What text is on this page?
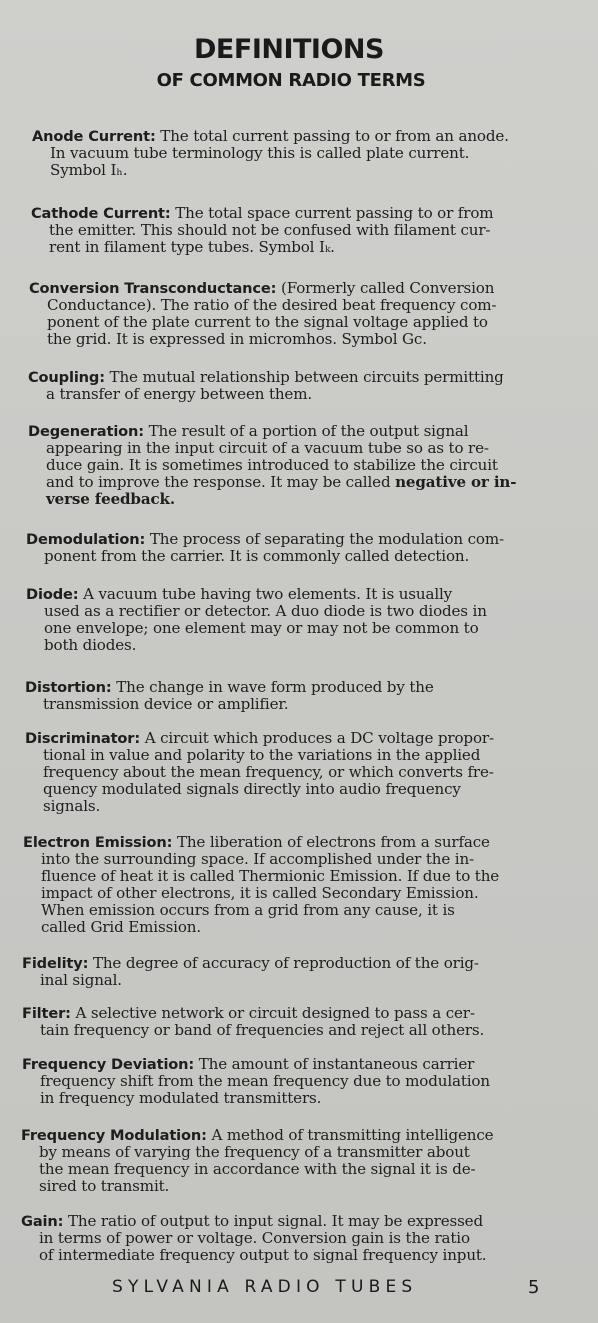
DEFINITIONS
OF COMMON RADIO TERMS
Anode Current: The total current passing to or from an anode.
In vacuum tube terminology this is called plate current.
Symbol Iₕ.
Cathode Current: The total space current passing to or from
the emitter. This should not be confused with filament cur-
rent in filament type tubes. Symbol Iₖ.
Conversion Transconductance: (Formerly called Conversion
Conductance). The ratio of the desired beat frequency com-
ponent of the plate current to the signal voltage applied to
the grid. It is expressed in micromhos. Symbol Gc.
Coupling: The mutual relationship between circuits permitting
a transfer of energy between them.
Degeneration: The result of a portion of the output signal
appearing in the input circuit of a vacuum tube so as to re-
duce gain. It is sometimes introduced to stabilize the circuit
and to improve the response. It may be called negative or in-
verse feedback.
Demodulation: The process of separating the modulation com-
ponent from the carrier. It is commonly called detection.
Diode: A vacuum tube having two elements. It is usually
used as a rectifier or detector. A duo diode is two diodes in
one envelope; one element may or may not be common to
both diodes.
Distortion: The change in wave form produced by the
transmission device or amplifier.
Discriminator: A circuit which produces a DC voltage propor-
tional in value and polarity to the variations in the applied
frequency about the mean frequency, or which converts fre-
quency modulated signals directly into audio frequency
signals.
Electron Emission: The liberation of electrons from a surface
into the surrounding space. If accomplished under the in-
fluence of heat it is called Thermionic Emission. If due to the
impact of other electrons, it is called Secondary Emission.
When emission occurs from a grid from any cause, it is
called Grid Emission.
Fidelity: The degree of accuracy of reproduction of the orig-
inal signal.
Filter: A selective network or circuit designed to pass a cer-
tain frequency or band of frequencies and reject all others.
Frequency Deviation: The amount of instantaneous carrier
frequency shift from the mean frequency due to modulation
in frequency modulated transmitters.
Frequency Modulation: A method of transmitting intelligence
by means of varying the frequency of a transmitter about
the mean frequency in accordance with the signal it is de-
sired to transmit.
Gain: The ratio of output to input signal. It may be expressed
in terms of power or voltage. Conversion gain is the ratio
of intermediate frequency output to signal frequency input.
SYLVANIA RADIO TUBES	5
